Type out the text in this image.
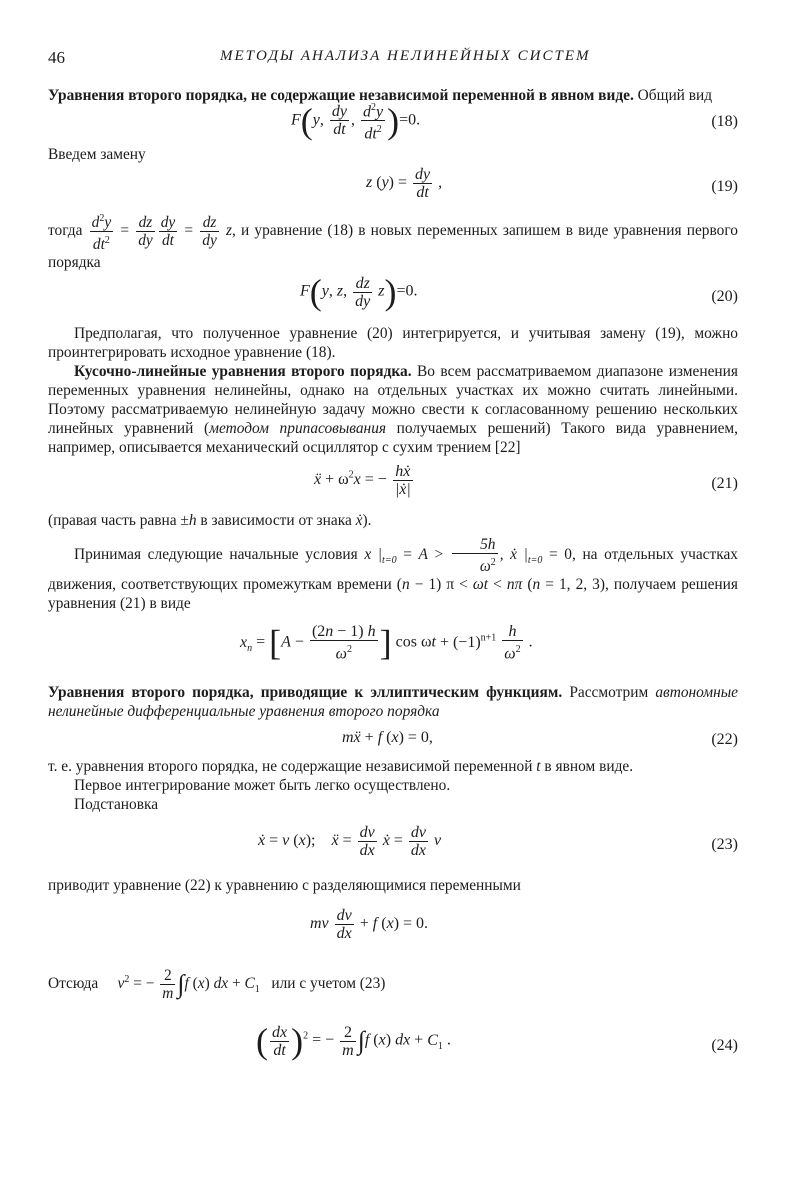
46	МЕТОДЫ АНАЛИЗА НЕЛИНЕЙНЫХ СИСТЕМ

Уравнения второго порядка, не содержащие независимой переменной в явном виде. Общий вид

F(y, $\frac{dy}{dt}$ , $\frac{d^2y}{dt^2} )=0$.	(18)

Введем замену

z $(y) = \frac{dy}{dt}$ ,	(19)

тогда $\frac{d^2y}{dt^2} = \frac{dz}{dy} \frac{dy}{dt} = \frac{dz}{dy} z$, и уравнение (18) в новых переменных запишем в виде уравнения первого порядка

F(y, z, $\frac{dz}{dy} z)=0$.	(20)

Предполагая, что полученное уравнение (20) интегрируется, и учитывая замену (19), можно проинтегрировать исходное уравнение (18).

Кусочно-линейные уравнения второго порядка. Во всем рассматриваемом диапазоне изменения переменных уравнения нелинейны, однако на отдельных участках их можно считать линейными. Поэтому рассматриваемую нелинейную задачу можно свести к согласованному решению нескольких линейных уравнений (методом припасовывания получаемых решений) Такого вида уравнением, например, описывается механический осциллятор с сухим трением [22]

ẍ + $\omega^2x$ = − $\frac{\text{hẋ}}{\text{|ẋ|}}$	(21)

(правая часть равна ±h в зависимости от знака ẋ).

Принимая следующие начальные условия x $|_{t=0} = A > \frac{5h}{\omega^2}$ , ẋ $|_{t=0} = 0$, на отдельных участках движения, соответствующих промежуткам времени (n − 1) π < ωt < nπ (n = 1, 2, 3), получаем решения уравнения (21) в виде

$x_n = [A - \frac{(2n - 1) h}{\omega^2}$ ] $\cos \omega t + (-1)^{n+1} \frac{h}{\omega^2}$ .

Уравнения второго порядка, приводящие к эллиптическим функциям. Рассмотрим автономные нелинейные дифференциальные уравнения второго порядка

mẍ + f (x) = 0,	(22)

т. е. уравнения второго порядка, не содержащие независимой переменной t в явном виде.

Первое интегрирование может быть легко осуществлено.

Подстановка

ẋ = v (x);    ẍ = $\frac{dv}{dx}$ ẋ = $\frac{dv}{dx}$ v	(23)

приводит уравнение (22) к уравнению с разделяющимися переменными

mv $\frac{dv}{dx} + f$ (x) = 0.
Отсюда $v^2$ = − $\frac{2}{m} \int f$ (x) dx + $C_1$ или с учетом (23)
( $\frac{dx}{dt} )^2$ = − $\frac{2}{m} \int f$ (x) dx + $C_1$ .	(24)
